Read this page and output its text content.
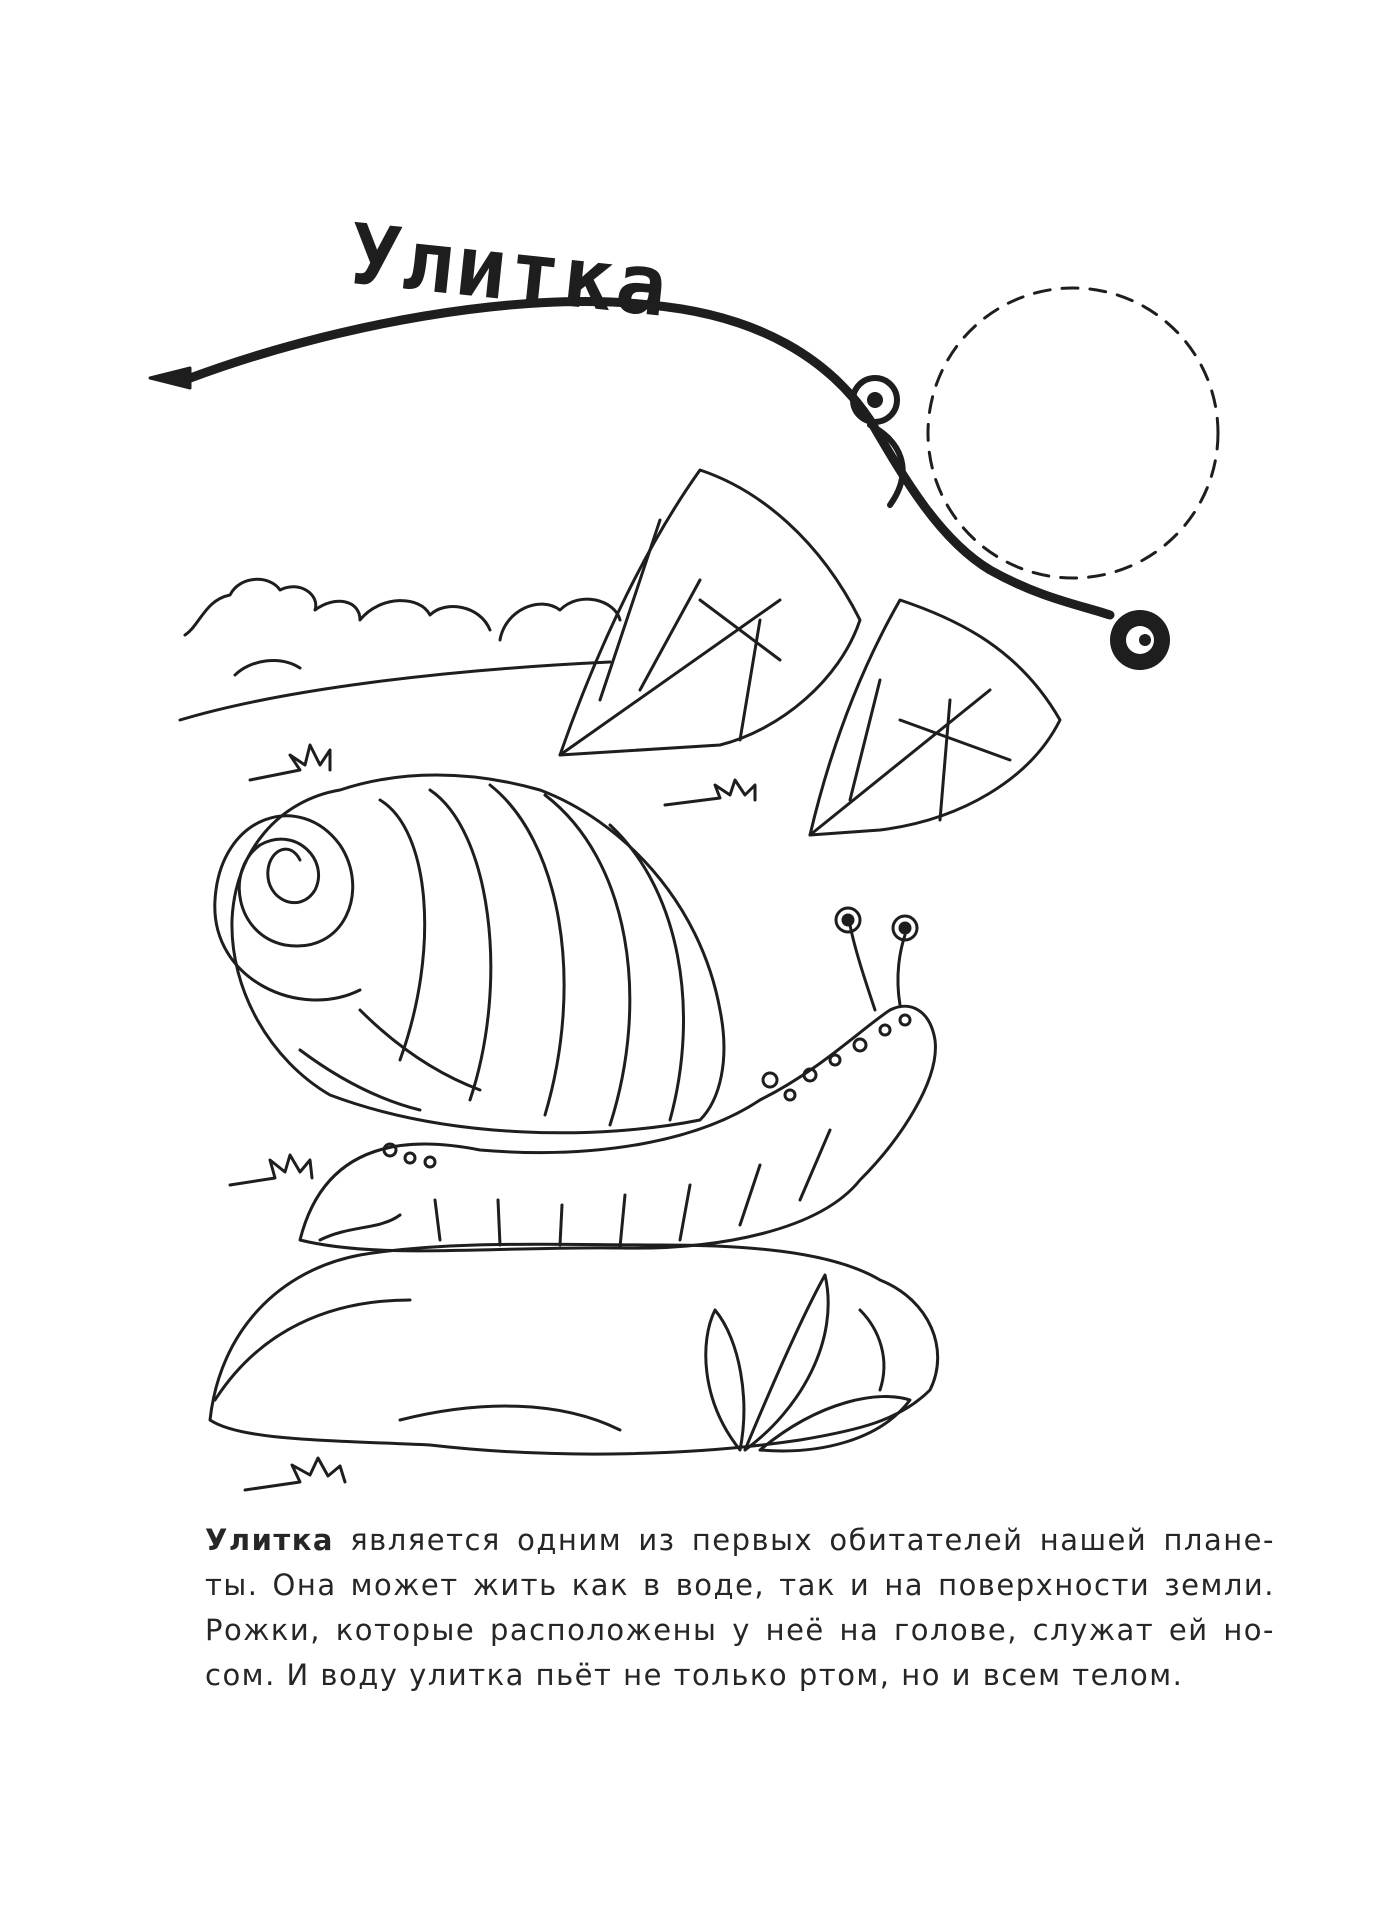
Улитка
Улитка является одним из первых обитателей нашей плане-
ты. Она может жить как в воде, так и на поверхности земли.
Рожки, которые расположены у неё на голове, служат ей но-
сом. И воду улитка пьёт не только ртом, но и всем телом.
